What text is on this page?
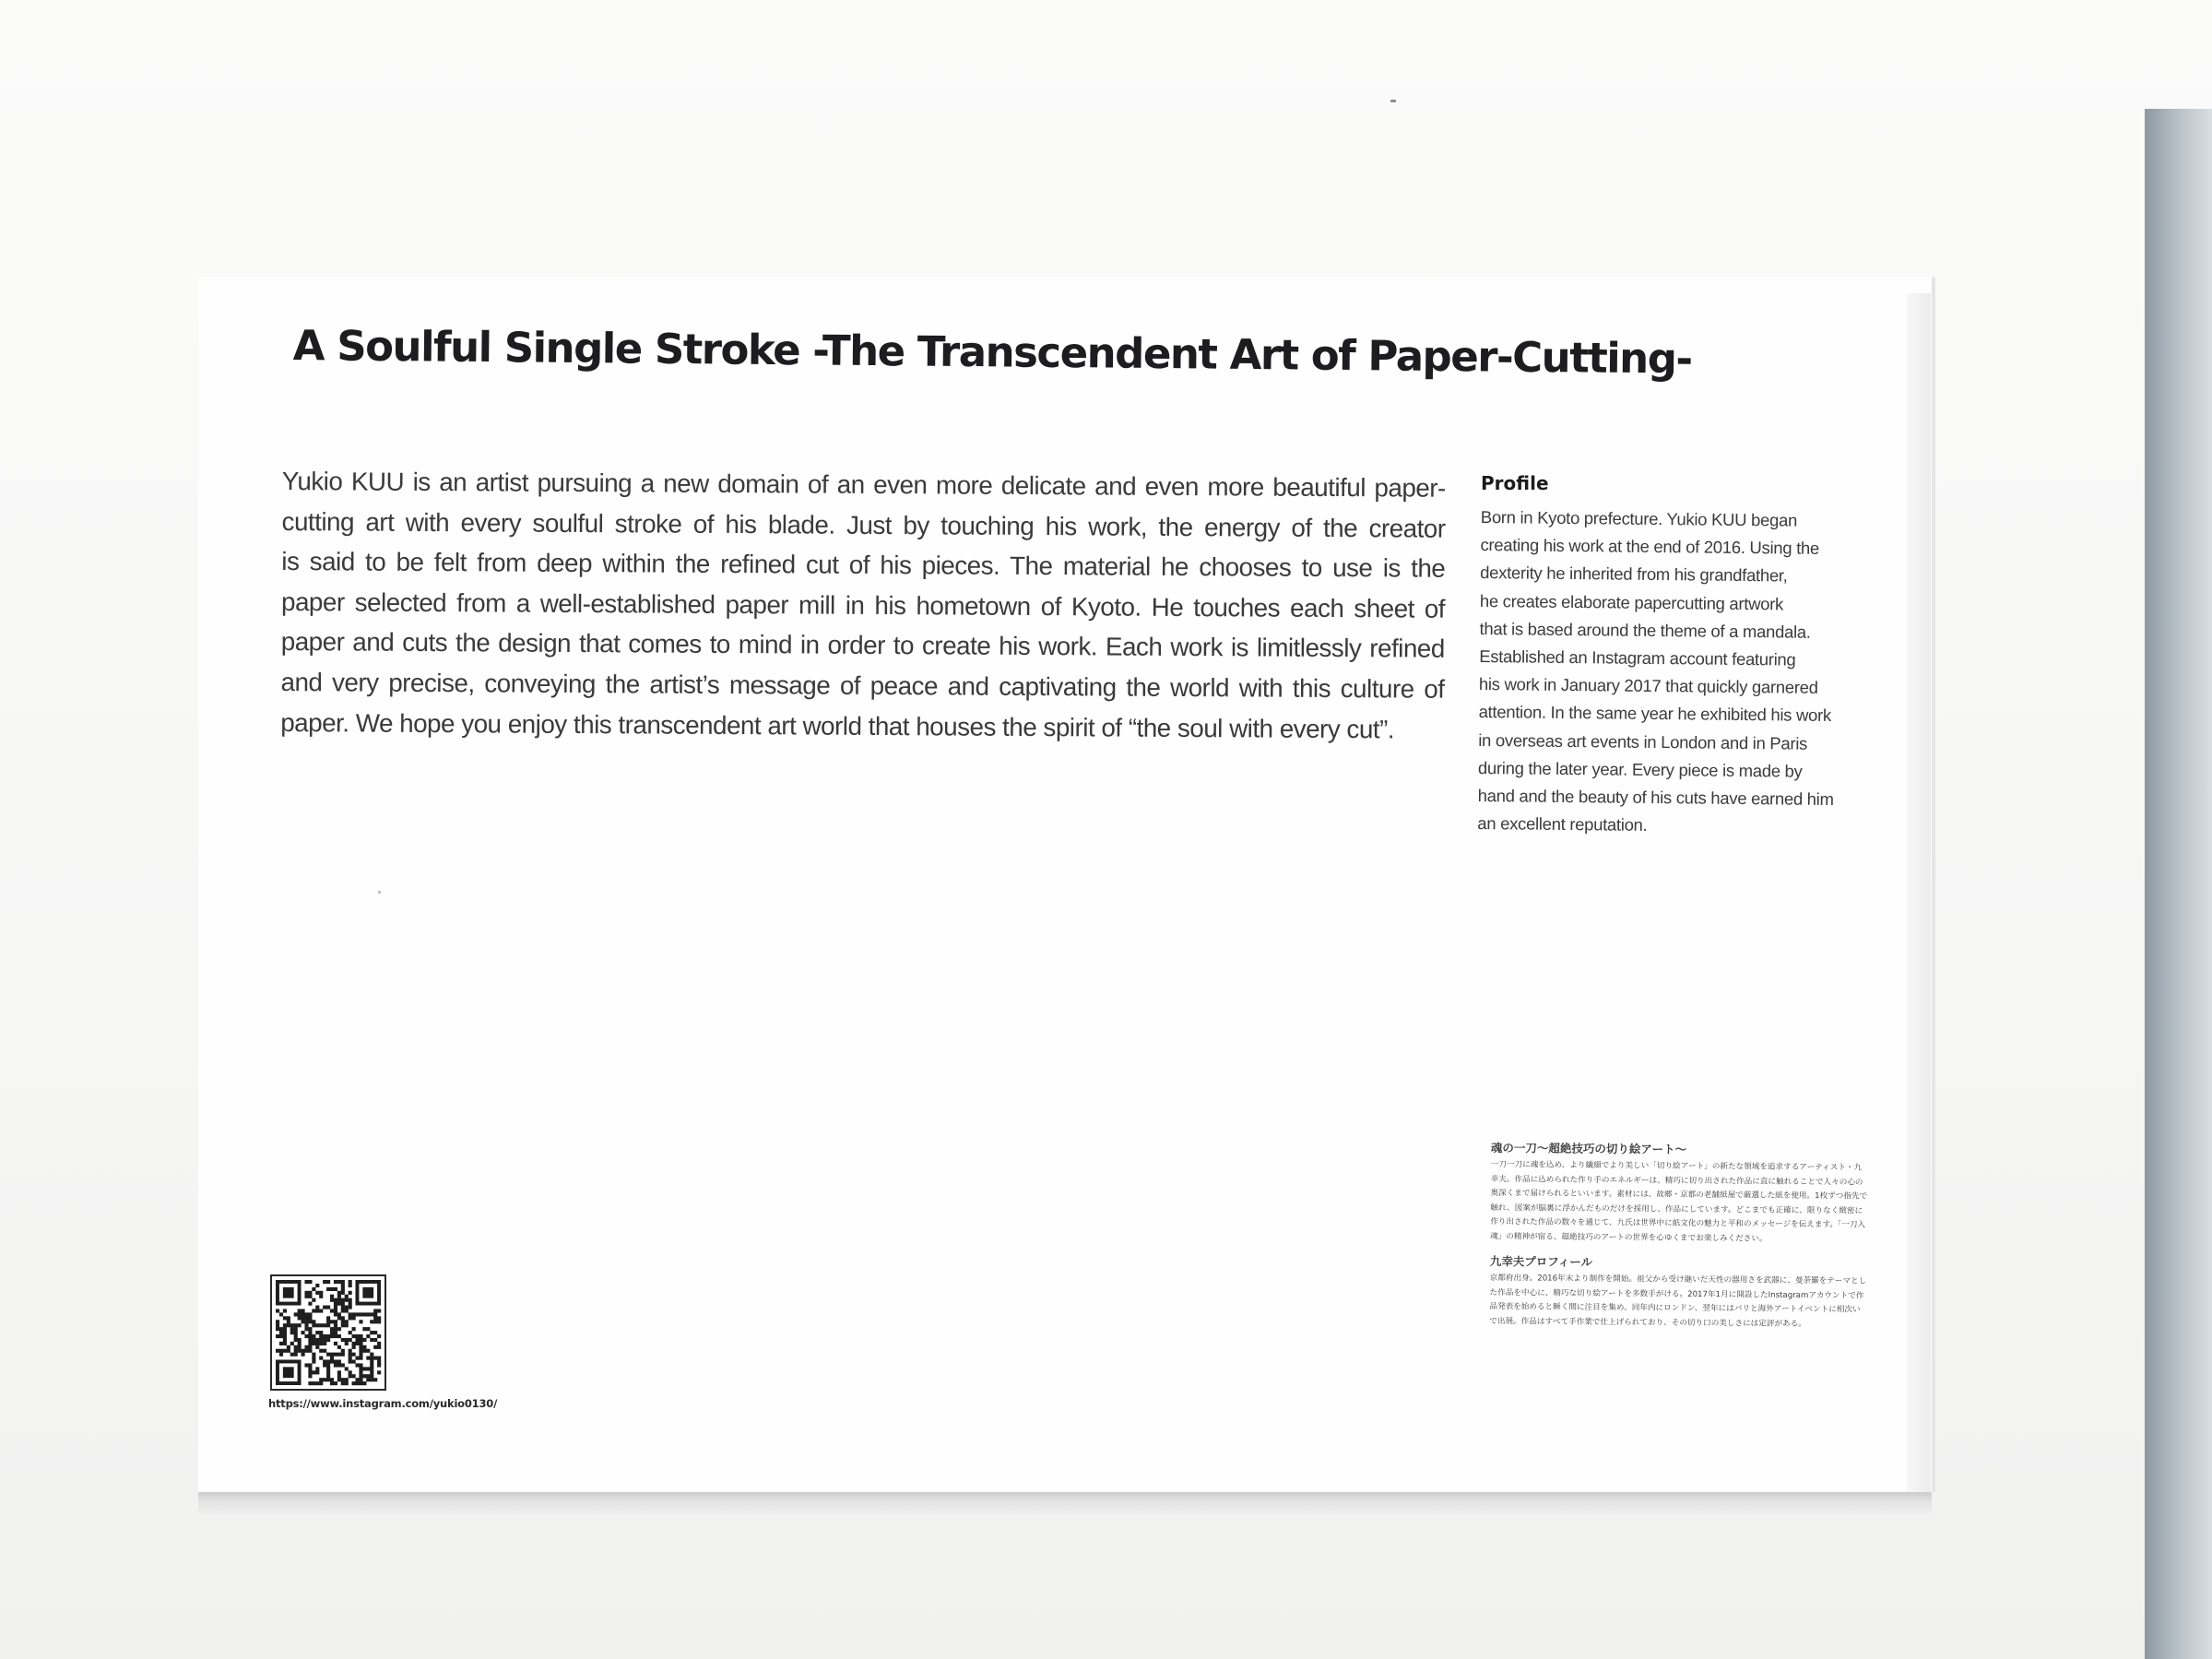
A Soulful Single Stroke -The Transcendent Art of Paper-Cutting-
Yukio KUU is an artist pursuing a new domain of an even more delicate and even more beautiful paper-
cutting art with every soulful stroke of his blade. Just by touching his work, the energy of the creator
is said to be felt from deep within the refined cut of his pieces. The material he chooses to use is the
paper selected from a well-established paper mill in his hometown of Kyoto. He touches each sheet of
paper and cuts the design that comes to mind in order to create his work. Each work is limitlessly refined
and very precise, conveying the artist’s message of peace and captivating the world with this culture of
paper. We hope you enjoy this transcendent art world that houses the spirit of “the soul with every cut”.
Profile
Born in Kyoto prefecture. Yukio KUU began
creating his work at the end of 2016. Using the
dexterity he inherited from his grandfather,
he creates elaborate papercutting artwork
that is based around the theme of a mandala.
Established an Instagram account featuring
his work in January 2017 that quickly garnered
attention. In the same year he exhibited his work
in overseas art events in London and in Paris
during the later year. Every piece is made by
hand and the beauty of his cuts have earned him
an excellent reputation.
魂の一刀〜超絶技巧の切り絵アート〜
一刀一刀に魂を込め、より繊細でより美しい「切り絵アート」の新たな領域を追求するアーティスト・九幸夫。作品に込められた作り手のエネルギーは、精巧に切り出された作品に直に触れることで人々の心の奥深くまで届けられるといいます。素材には、故郷・京都の老舗紙屋で厳選した紙を使用。1枚ずつ指先で触れ、図案が脳裏に浮かんだものだけを採用し、作品にしています。どこまでも正確に、限りなく緻密に作り出された作品の数々を通じて、九氏は世界中に紙文化の魅力と平和のメッセージを伝えます。「一刀入魂」の精神が宿る、超絶技巧のアートの世界を心ゆくまでお楽しみください。
九幸夫プロフィール
京都府出身。2016年末より制作を開始。祖父から受け継いだ天性の器用さを武器に、曼荼羅をテーマとした作品を中心に、精巧な切り絵アートを多数手がける。2017年1月に開設したInstagramアカウントで作品発表を始めると瞬く間に注目を集め、同年内にロンドン、翌年にはパリと海外アートイベントに相次いで出展。作品はすべて手作業で仕上げられており、その切り口の美しさには定評がある。
https://www.instagram.com/yukio0130/
